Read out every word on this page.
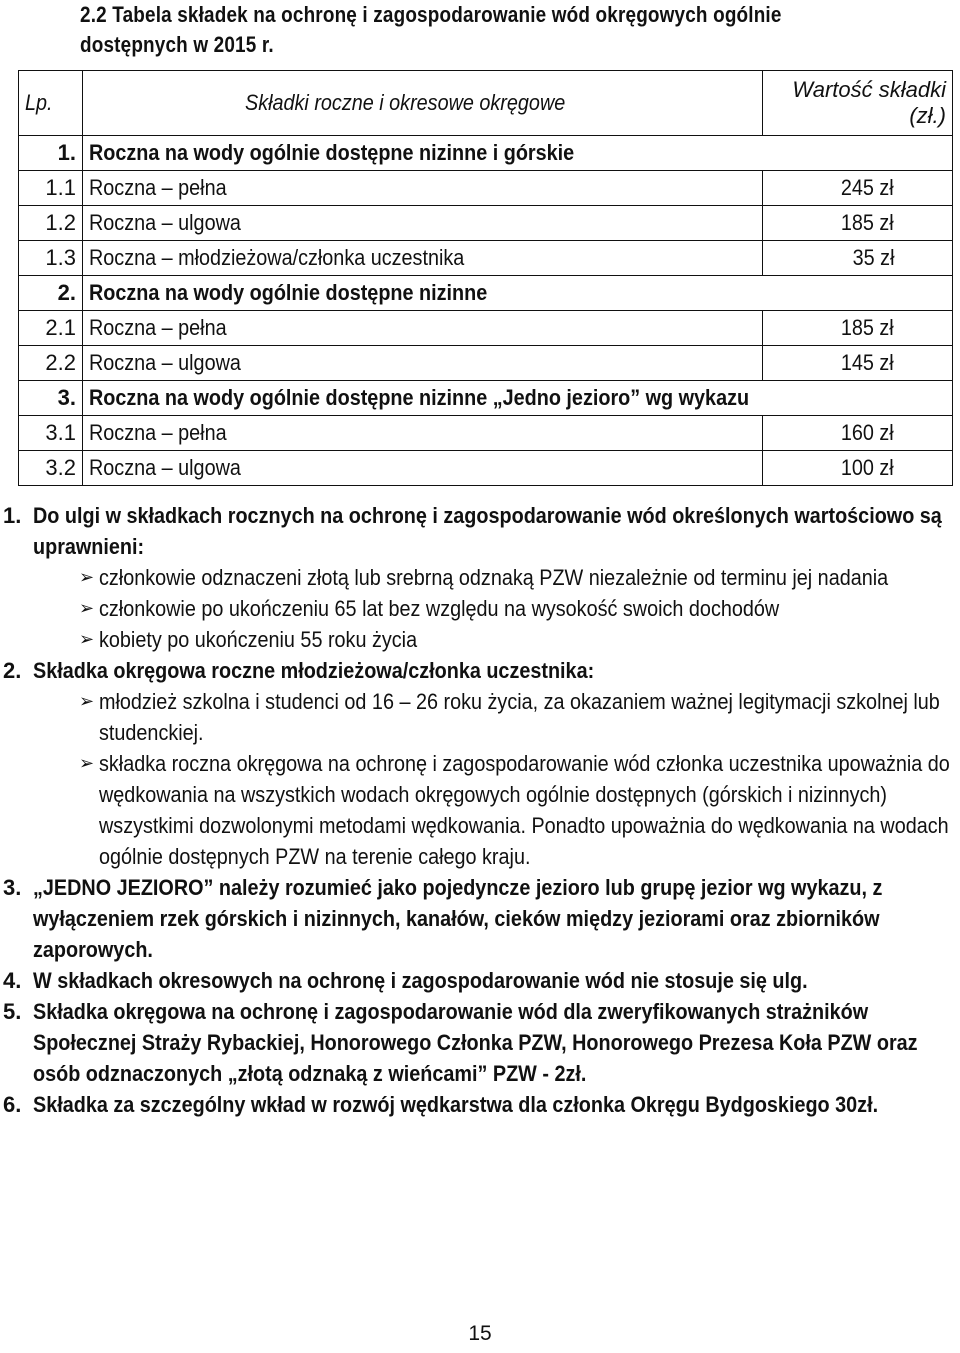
2.2 Tabela składek na ochronę i zagospodarowanie wód okręgowych ogólnie dostępnych w 2015 r.
Lp.	Składki roczne i okresowe okręgowe	Wartość składki (zł.)
1.	Roczna na wody ogólnie dostępne nizinne i górskie	
1.1	Roczna – pełna	245 zł
1.2	Roczna – ulgowa	185 zł
1.3	Roczna – młodzieżowa/członka uczestnika	35 zł
2.	Roczna na wody ogólnie dostępne nizinne	
2.1	Roczna – pełna	185 zł
2.2	Roczna – ulgowa	145 zł
3.	Roczna na wody ogólnie dostępne nizinne „Jedno jezioro” wg wykazu	
3.1	Roczna – pełna	160 zł
3.2	Roczna – ulgowa	100 zł
1. Do ulgi w składkach rocznych na ochronę i zagospodarowanie wód określonych wartościowo są uprawnieni:
➢ członkowie odznaczeni złotą lub srebrną odznaką PZW niezależnie od terminu jej nadania
➢ członkowie po ukończeniu 65 lat bez względu na wysokość swoich dochodów
➢ kobiety po ukończeniu 55 roku życia
2. Składka okręgowa roczne młodzieżowa/członka uczestnika:
➢ młodzież szkolna i studenci od 16 – 26 roku życia, za okazaniem ważnej legitymacji szkolnej lub studenckiej.
➢ składka roczna okręgowa na ochronę i zagospodarowanie wód członka uczestnika upoważnia do wędkowania na wszystkich wodach okręgowych ogólnie dostępnych (górskich i nizinnych) wszystkimi dozwolonymi metodami wędkowania. Ponadto upoważnia do wędkowania na wodach ogólnie dostępnych PZW na terenie całego kraju.
3. „JEDNO JEZIORO” należy rozumieć jako pojedyncze jezioro lub grupę jezior wg wykazu, z wyłączeniem rzek górskich i nizinnych, kanałów, cieków między jeziorami oraz zbiorników zaporowych.
4. W składkach okresowych na ochronę i zagospodarowanie wód nie stosuje się ulg.
5. Składka okręgowa na ochronę i zagospodarowanie wód dla zweryfikowanych strażników Społecznej Straży Rybackiej, Honorowego Członka PZW, Honorowego Prezesa Koła PZW oraz osób odznaczonych „złotą odznaką z wieńcami” PZW - 2zł.
6. Składka za szczególny wkład w rozwój wędkarstwa dla członka Okręgu Bydgoskiego 30zł.
15
